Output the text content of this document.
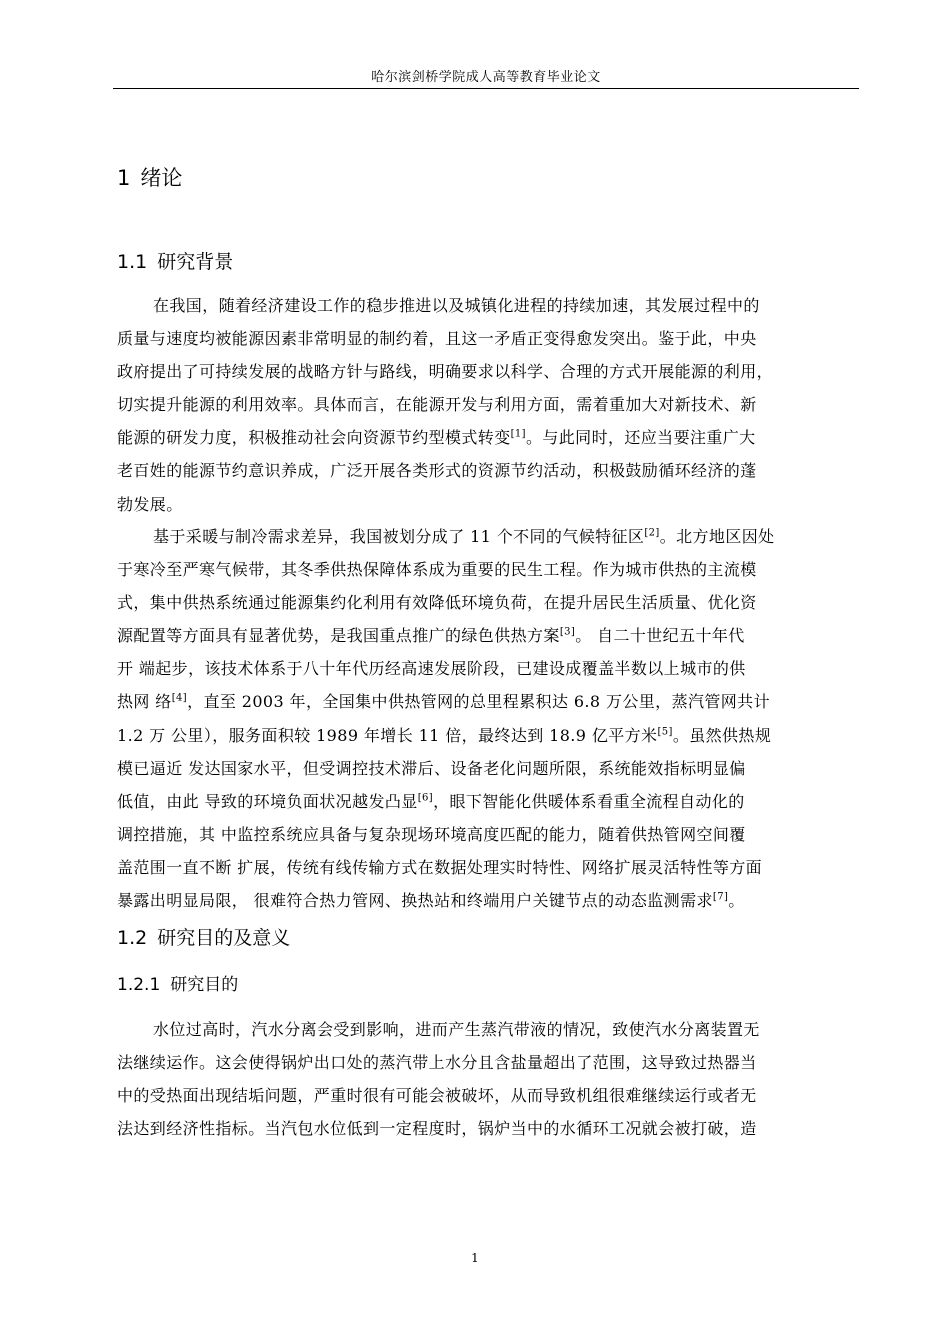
哈尔滨剑桥学院成人高等教育毕业论文
1 绪论
1.1 研究背景
在我国，随着经济建设工作的稳步推进以及城镇化进程的持续加速，其发展过程中的
质量与速度均被能源因素非常明显的制约着，且这一矛盾正变得愈发突出。鉴于此，中央
政府提出了可持续发展的战略方针与路线，明确要求以科学、合理的方式开展能源的利用，
切实提升能源的利用效率。具体而言，在能源开发与利用方面，需着重加大对新技术、新
能源的研发力度，积极推动社会向资源节约型模式转变[1]。与此同时，还应当要注重广大
老百姓的能源节约意识养成，广泛开展各类形式的资源节约活动，积极鼓励循环经济的蓬
勃发展。
基于采暖与制冷需求差异，我国被划分成了 11 个不同的气候特征区[2]。北方地区因处
于寒冷至严寒气候带，其冬季供热保障体系成为重要的民生工程。作为城市供热的主流模
式，集中供热系统通过能源集约化利用有效降低环境负荷，在提升居民生活质量、优化资
源配置等方面具有显著优势，是我国重点推广的绿色供热方案[3]。 自二十世纪五十年代
开 端起步，该技术体系于八十年代历经高速发展阶段，已建设成覆盖半数以上城市的供
热网 络[4]，直至 2003 年，全国集中供热管网的总里程累积达 6.8 万公里，蒸汽管网共计
1.2 万 公里），服务面积较 1989 年增长 11 倍，最终达到 18.9 亿平方米[5]。虽然供热规
模已逼近 发达国家水平，但受调控技术滞后、设备老化问题所限，系统能效指标明显偏
低值，由此 导致的环境负面状况越发凸显[6]，眼下智能化供暖体系看重全流程自动化的
调控措施，其 中监控系统应具备与复杂现场环境高度匹配的能力，随着供热管网空间覆
盖范围一直不断 扩展，传统有线传输方式在数据处理实时特性、网络扩展灵活特性等方面
暴露出明显局限， 很难符合热力管网、换热站和终端用户关键节点的动态监测需求[7]。
1.2 研究目的及意义
1.2.1 研究目的
水位过高时，汽水分离会受到影响，进而产生蒸汽带液的情况，致使汽水分离装置无
法继续运作。这会使得锅炉出口处的蒸汽带上水分且含盐量超出了范围，这导致过热器当
中的受热面出现结垢问题，严重时很有可能会被破坏，从而导致机组很难继续运行或者无
法达到经济性指标。当汽包水位低到一定程度时，锅炉当中的水循环工况就会被打破，造
1
